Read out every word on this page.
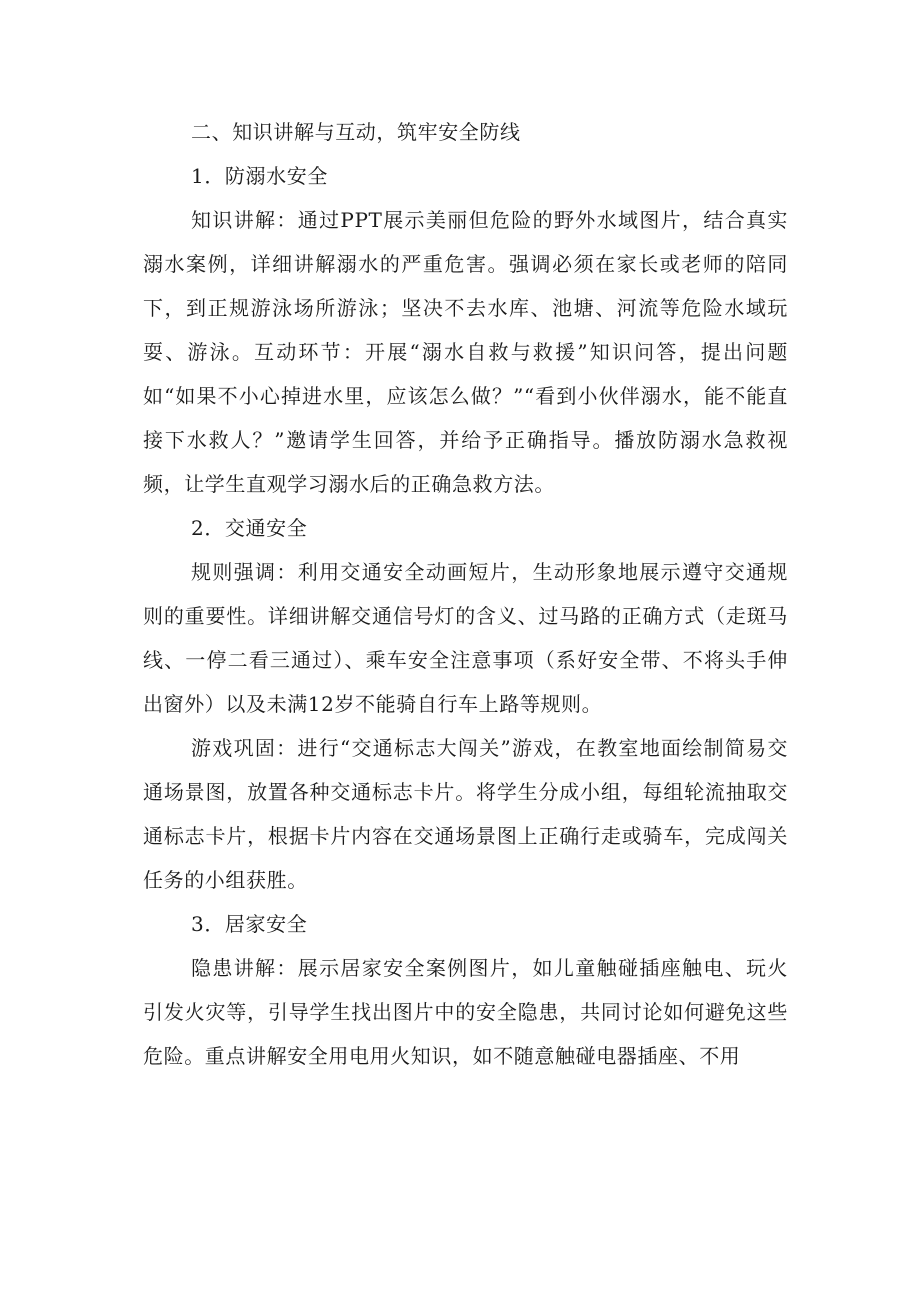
二、知识讲解与互动，筑牢安全防线

1．防溺水安全

知识讲解：通过PPT展示美丽但危险的野外水域图片，结合真实溺水案例，详细讲解溺水的严重危害。强调必须在家长或老师的陪同下，到正规游泳场所游泳；坚决不去水库、池塘、河流等危险水域玩耍、游泳。互动环节：开展“溺水自救与救援”知识问答，提出问题如“如果不小心掉进水里，应该怎么做？”“看到小伙伴溺水，能不能直接下水救人？”邀请学生回答，并给予正确指导。播放防溺水急救视频，让学生直观学习溺水后的正确急救方法。

2．交通安全

规则强调：利用交通安全动画短片，生动形象地展示遵守交通规则的重要性。详细讲解交通信号灯的含义、过马路的正确方式（走斑马线、一停二看三通过）、乘车安全注意事项（系好安全带、不将头手伸出窗外）以及未满12岁不能骑自行车上路等规则。

游戏巩固：进行“交通标志大闯关”游戏，在教室地面绘制简易交通场景图，放置各种交通标志卡片。将学生分成小组，每组轮流抽取交通标志卡片，根据卡片内容在交通场景图上正确行走或骑车，完成闯关任务的小组获胜。

3．居家安全

隐患讲解：展示居家安全案例图片，如儿童触碰插座触电、玩火引发火灾等，引导学生找出图片中的安全隐患，共同讨论如何避免这些危险。重点讲解安全用电用火知识，如不随意触碰电器插座、不用
